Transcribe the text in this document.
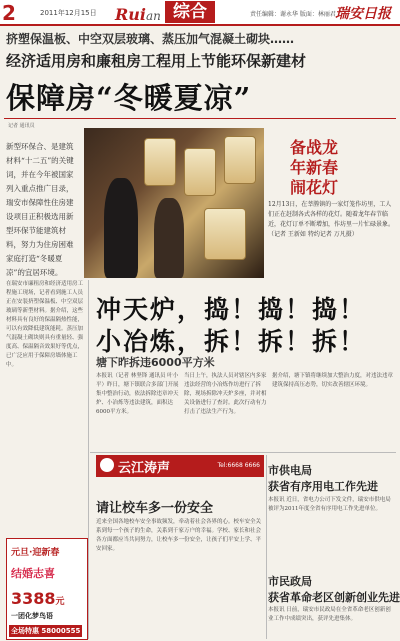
2	2011年12月15日 Ruian 综合	责任编辑：谢永华 版面：林丽君 瑞安日报
挤塑保温板、中空双层玻璃、蒸压加气混凝土砌块……
经济适用房和廉租房工程用上节能环保新建材
保障房“冬暖夏凉”
记者 通讯员
新型环保合、是建筑材料“十二五”的关键词，并在今年被国家列入重点推广目录，瑞安市保障性住房建设项目正积极选用新型环保节能建筑材料，努力为住房困难家庭打造“冬暖夏凉”的宜居环境。
备战龙年新春 闹花灯
12月13日，在莘塍镇的一家灯笼作坊里，工人们正在赶制各式各样的花灯。随着龙年春节临近，花灯订单不断增加，作坊里一片忙碌景象。（记者 王新如 特约记者 万凡摄）
在瑞安市廉租房和经济适用房工程施工现场，记者看到施工人员正在安装挤塑保温板、中空双层玻璃等新型材料。据介绍，这些材料具有良好的保温隔热性能，可以有效降低建筑能耗。蒸压加气混凝土砌块则具有重量轻、强度高、保温隔音效果好等优点，已广泛应用于保障房墙体施工中。
冲天炉，捣！捣！捣！
小冶炼，拆！拆！拆！
塘下昨拆违6000平方米
本报讯（记者 林坚锋 通讯员 叶小平）昨日，塘下镇联合多部门开展集中整治行动，依法拆除违章冲天炉、小冶炼等违法建筑，面积达6000平方米。
当日上午，执法人员对辖区内多家违法经营的小冶炼作坊进行了拆除，现场拆除冲天炉多座，并对相关设备进行了查封。此次行动有力打击了违法生产行为。
据介绍，塘下镇将继续加大整治力度，对违法违章建筑保持高压态势，切实改善辖区环境。
云江涛声	Tel:6668 6666
请让校车多一份安全
近来全国各地校车安全事故频发，牵动着社会各界的心。校车安全关系到每一个孩子的生命，关系到千家万户的幸福。学校、家长和社会各方面都应当共同努力，让校车多一份安全，让孩子们平安上学、平安回家。
市供电局
获省有序用电工作先进
本报讯 近日，省电力公司下发文件，瑞安市供电局被评为2011年度全省有序用电工作先进单位。
市民政局
获省革命老区创新创业先进
本报讯 日前，瑞安市民政局在全省革命老区创新创业工作中成绩突出，获评先进集体。
元旦·迎新春
结婚志喜
3388元
一团化梦鸟语
全场特惠 58000555
